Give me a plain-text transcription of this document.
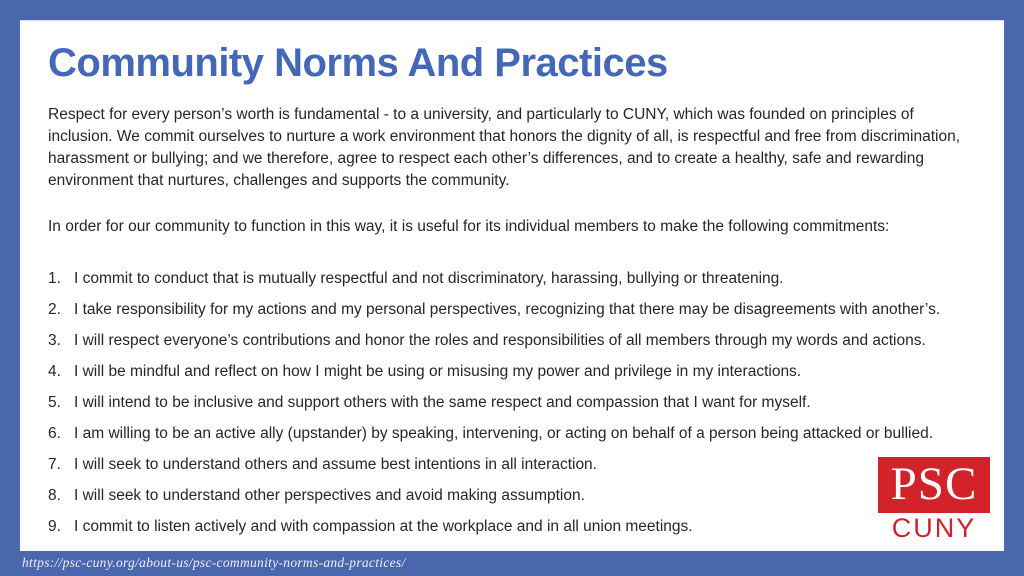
Community Norms And Practices

Respect for every person’s worth is fundamental - to a university, and particularly to CUNY, which was founded on principles of inclusion. We commit ourselves to nurture a work environment that honors the dignity of all, is respectful and free from discrimination, harassment or bullying; and we therefore, agree to respect each other’s differences, and to create a healthy, safe and rewarding environment that nurtures, challenges and supports the community.

In order for our community to function in this way, it is useful for its individual members to make the following commitments:

1. I commit to conduct that is mutually respectful and not discriminatory, harassing, bullying or threatening.
2. I take responsibility for my actions and my personal perspectives, recognizing that there may be disagreements with another’s.
3. I will respect everyone’s contributions and honor the roles and responsibilities of all members through my words and actions.
4. I will be mindful and reflect on how I might be using or misusing my power and privilege in my interactions.
5. I will intend to be inclusive and support others with the same respect and compassion that I want for myself.
6. I am willing to be an active ally (upstander) by speaking, intervening, or acting on behalf of a person being attacked or bullied.
7. I will seek to understand others and assume best intentions in all interaction.
8. I will seek to understand other perspectives and avoid making assumption.
9. I commit to listen actively and with compassion at the workplace and in all union meetings.
PSC
CUNY
https://psc-cuny.org/about-us/psc-community-norms-and-practices/
